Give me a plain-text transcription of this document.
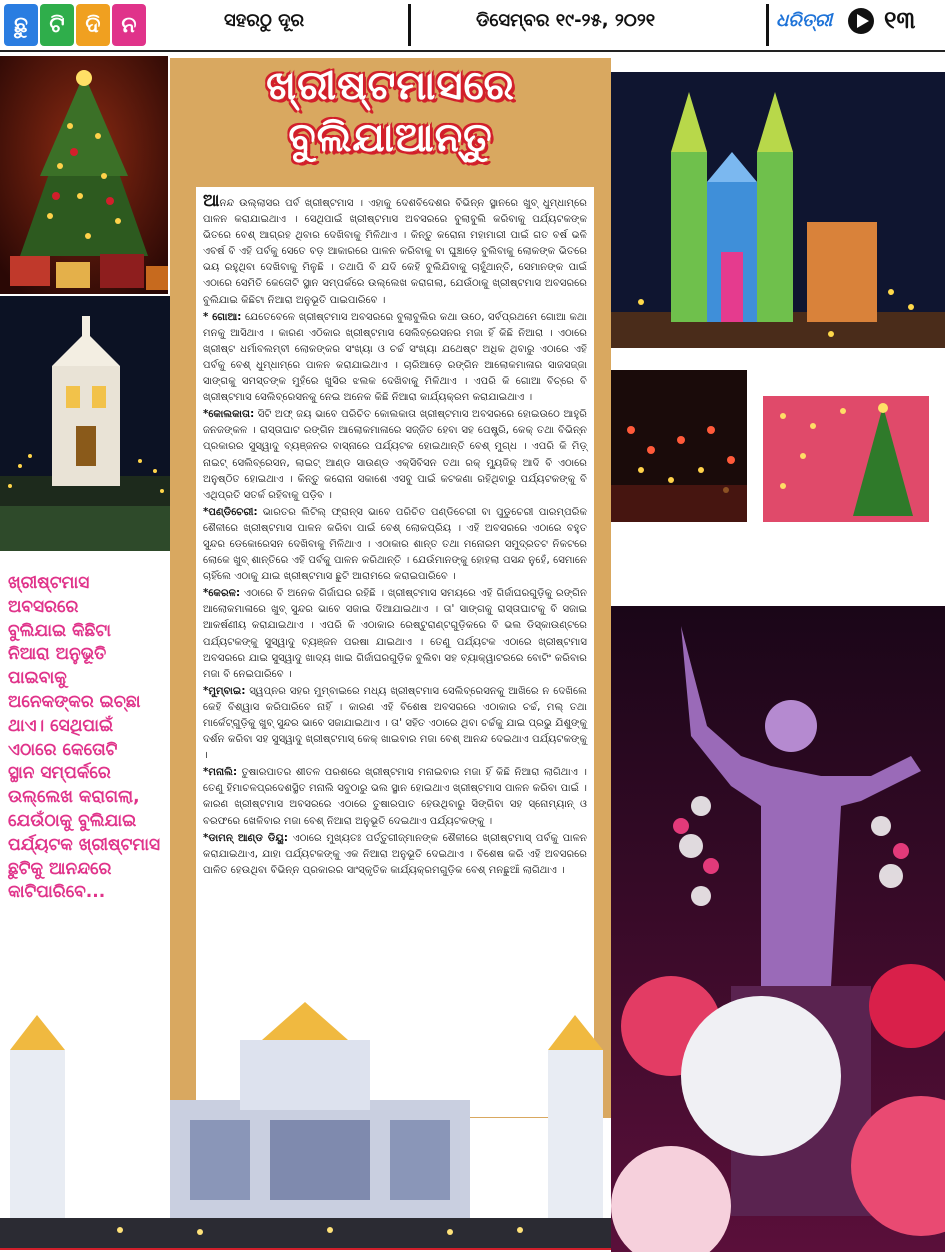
ଛୁ ଟି ଦି ନ	ସହରଠୁ ଦୂର	ଡିସେମ୍ବର ୧୯-୨୫, ୨୦୨୧	ଧରିତ୍ରୀ ୧୩
ଖ୍ରୀଷ୍ଟମାସ
ଅବସରରେ
ବୁଲିଯାଇ କିଛିଟା
ନିଆରା ଅନୁଭୂତି
ପାଇବାକୁ
ଅନେକଙ୍କର ଇଚ୍ଛା
ଥାଏ। ସେଥିପାଇଁ
ଏଠାରେ କେତୋଟି
ସ୍ଥାନ ସମ୍ପର୍କରେ
ଉଲ୍ଲେଖ କରାଗଲା,
ଯେଉଁଠାକୁ ବୁଲିଯାଇ
ପର୍ଯ୍ୟଟକ ଖ୍ରୀଷ୍ଟମାସ
ଛୁଟିକୁ ଆନନ୍ଦରେ
କାଟିପାରିବେ...
ଖ୍ରୀଷ୍ଟମାସରେ
ବୁଲିଯାଆନ୍ତୁ

ଆନନ୍ଦ ଉଲ୍ଲାସର ପର୍ବ ଖ୍ରୀଷ୍ଟମାସ । ଏହାକୁ ଦେଶବିଦେଶର ବିଭିନ୍ନ ସ୍ଥାନରେ ଖୁବ୍ ଧୁମ୍‌ଧାମ୍‌ରେ ପାଳନ କରାଯାଇଥାଏ । ସେଥିପାଇଁ ଖ୍ରୀଷ୍ଟମାସ ଅବସରରେ ବୁଲାବୁଲି କରିବାକୁ ପର୍ଯ୍ୟଟକଙ୍କ ଭିତରେ ବେଶ୍ ଆଗ୍ରହ ଥିବାର ଦେଖିବାକୁ ମିଳିଥାଏ । କିନ୍ତୁ କରୋନା ମହାମାରୀ ପାଇଁ ଗତ ବର୍ଷ ଭଳି ଏବର୍ଷ ବି ଏହି ପର୍ବକୁ ସେତେ ବଡ଼ ଆକାରରେ ପାଳନ କରିବାକୁ ବା ଘୁଞ୍ଚାଡ଼େ ବୁଲିବାକୁ ଲୋକଙ୍କ ଭିତରେ ଭୟ ରହୁଥିବା ଦେଖିବାକୁ ମିଳୁଛି । ତଥାପି ବି ଯଦି କେହି ବୁଲିଯିବାକୁ ଚାହୁଁଥାନ୍ତି, ସେମାନଙ୍କ ପାଇଁ ଏଠାରେ ସେମିତି କେତୋଟି ସ୍ଥାନ ସମ୍ପର୍କରେ ଉଲ୍ଲେଖ କରାଗଲା, ଯେଉଁଠାକୁ ଖ୍ରୀଷ୍ଟମାସ ଅବସରରେ ବୁଲିଯାଇ କିଛିଟା ନିଆରା ଅନୁଭୂତି ପାଇପାରିବେ ।

* ଗୋଆ: ଯେତେବେଳେ ଖ୍ରୀଷ୍ଟମାସ ଅବସରରେ ବୁଲାବୁଲିର କଥା ଉଠେ, ସର୍ବପ୍ରଥମେ ଗୋଆ କଥା ମନକୁ ଆସିଥାଏ । କାରଣ ଏଠିକାର ଖ୍ରୀଷ୍ଟମାସ ସେଲିବ୍ରେସନର ମଜା ହିଁ କିଛି ନିଆରା । ଏଠାରେ ଖ୍ରୀଷ୍ଟ ଧର୍ମାବଲମ୍ବୀ ଲୋକଙ୍କର ସଂଖ୍ୟା ଓ ଚର୍ଚ୍ଚ ସଂଖ୍ୟା ଯଥେଷ୍ଟ ଅଧିକ ଥିବାରୁ ଏଠାରେ ଏହି ପର୍ବକୁ ବେଶ୍ ଧୁମ୍‌ଧାମ୍‌ରେ ପାଳନ କରାଯାଇଥାଏ । ଚାରିଆଡ଼େ ରଙ୍ଗିନ ଆଲୋକମାଳାର ସାଜସଜ୍ଜା ସାଙ୍ଗକୁ ସମସ୍ତଙ୍କ ମୁହଁରେ ଖୁସିର ଝଲକ ଦେଖିବାକୁ ମିଳିଥାଏ । ଏପରି କି ଗୋଆ ବିଚ୍‌ରେ ବି ଖ୍ରୀଷ୍ଟମାସ ସେଲିବ୍ରେସନକୁ ନେଇ ଅନେକ କିଛି ନିଆରା କାର୍ଯ୍ୟକ୍ରମ କରାଯାଇଥାଏ ।

*କୋଲକାତା: ସିଟି ଅଫ୍ ଜୟ ଭାବେ ପରିଚିତ କୋଲକାତା ଖ୍ରୀଷ୍ଟମାସ ଅବସରରେ ହୋଇଉଠେ ଆହୁରି ଜନଜଙ୍କଳ । ରାସ୍ତାଘାଟ ରଙ୍ଗିନ ଆଲୋକମାଳାରେ ସଜ୍ଜିତ ହେବା ସହ ପେଷ୍ଟ୍ରି, କେକ୍ ତଥା ବିଭିନ୍ନ ପ୍ରକାରର ସୁସ୍ୱାଦୁ ବ୍ୟଞ୍ଜନର ବାସ୍ନାରେ ପର୍ଯ୍ୟଟକ ହୋଇଥାନ୍ତି ବେଶ୍ ମୁଗ୍ଧ । ଏପରି କି ମିଡ଼୍ ନାଇଟ୍ ସେଲିବ୍ରେସନ, ଲାଇଟ୍ ଆଣ୍ଡ ସାଉଣ୍ଡ ଏକ୍ସିବିସନ ତଥା ରକ୍ ମ୍ୟୁଜିକ୍ ଆଦି ବି ଏଠାରେ ଅନୁଷ୍ଠିତ ହୋଇଥାଏ । କିନ୍ତୁ କରୋନା ସକାଶେ ଏସବୁ ପାଇଁ କଟକଣା ରହିଥିବାରୁ ପର୍ଯ୍ୟଟକଙ୍କୁ ବି ଏଥିପ୍ରତି ସତର୍କ ରହିବାକୁ ପଡ଼ିବ ।

*ପଣ୍ଡିଚେରୀ: ଭାରତର ଲିଟିଲ୍ ଫ୍ରାନ୍ସ ଭାବେ ପରିଚିତ ପଣ୍ଡିଚେରୀ ବା ପୁଡୁଚେରୀ ପାରମ୍ପରିକ ଶୈଳୀରେ ଖ୍ରୀଷ୍ଟମାସ ପାଳନ କରିବା ପାଇଁ ବେଶ୍ ଲୋକପ୍ରିୟ । ଏହି ଅବସରରେ ଏଠାରେ ବହୁତ ସୁନ୍ଦର ଡେକୋରେସନ ଦେଖିବାକୁ ମିଳିଥାଏ । ଏଠାକାର ଶାନ୍ତ ତଥା ମନୋରମ ସମୁଦ୍ରତଟ ନିକଟରେ ଲୋକେ ଖୁବ୍ ଶାନ୍ତିରେ ଏହି ପର୍ବକୁ ପାଳନ କରିଥାନ୍ତି । ଯେଉଁମାନଙ୍କୁ ହୋହଲା ପସନ୍ଦ ନୁହେଁ, ସେମାନେ ଚାହିଁଲେ ଏଠାକୁ ଯାଇ ଖ୍ରୀଷ୍ଟମାସ ଛୁଟି ଆରାମରେ କରାଇପାରିବେ ।

*କେରଳ: ଏଠାରେ ବି ଅନେକ ଗିର୍ଜାଘର ରହିଛି । ଖ୍ରୀଷ୍ଟମାସ ସମୟରେ ଏହି ଗିର୍ଜାଘରଗୁଡ଼ିକୁ ରଙ୍ଗିନ ଆଲୋକମାଳାରେ ଖୁବ୍ ସୁନ୍ଦର ଭାବେ ସଜାଇ ଦିଆଯାଇଥାଏ । ତା' ସାଙ୍ଗକୁ ରାସ୍ତାଘାଟକୁ ବି ସଜାଇ ଆକର୍ଷଣୀୟ କରାଯାଇଥାଏ । ଏପରି କି ଏଠାକାର ରେଷ୍ଟୁରାଣ୍ଟଗୁଡ଼ିକରେ ବି ଭଲ ଡିସ୍‌କାଉଣ୍ଟରେ ପର୍ଯ୍ୟଟକଙ୍କୁ ସୁସ୍ୱାଦୁ ବ୍ୟଞ୍ଜନ ପରଷା ଯାଇଥାଏ । ତେଣୁ ପର୍ଯ୍ୟଟକ ଏଠାରେ ଖ୍ରୀଷ୍ଟମାସ ଅବସରରେ ଯାଇ ସୁସ୍ୱାଦୁ ଖାଦ୍ୟ ଖାଇ ଗିର୍ଜାଘରଗୁଡ଼ିକ ବୁଲିବା ସହ ବ୍ୟାକ୍‌ୱାଟରରେ ବୋଟିଂ କରିବାର ମଜା ବି ନେଇପାରିବେ ।

*ମୁମ୍ବାଇ: ସ୍ୱପ୍ନର ସହର ମୁମ୍ବାଇରେ ମଧ୍ୟ ଖ୍ରୀଷ୍ଟମାସ ସେଲିବ୍ରେସନକୁ ଆଖିରେ ନ ଦେଖିଲେ କେହି ବିଶ୍ୱାସ କରିପାରିବେ ନାହିଁ । କାରଣ ଏହି ବିଶେଷ ଅବସରରେ ଏଠାକାର ଚର୍ଚ୍ଚ, ମଲ୍ ତଥା ମାର୍କେଟ୍‌ଗୁଡ଼ିକୁ ଖୁବ୍ ସୁନ୍ଦର ଭାବେ ସଜାଯାଇଥାଏ । ତା' ସହିତ ଏଠାରେ ଥିବା ଚର୍ଚ୍ଚକୁ ଯାଇ ପ୍ରଭୁ ଯିଶୁଙ୍କୁ ଦର୍ଶନ କରିବା ସହ ସୁସ୍ୱାଦୁ ଖ୍ରୀଷ୍ଟମାସ୍ କେକ୍ ଖାଇବାର ମଜା ବେଶ୍ ଆନନ୍ଦ ଦେଇଥାଏ ପର୍ଯ୍ୟଟକଙ୍କୁ ।

*ମନାଲି: ତୁଷାରପାତର ଶୀତଳ ପରଶରେ ଖ୍ରୀଷ୍ଟମାସ ମନାଇବାର ମଜା ହିଁ କିଛି ନିଆରା ଲାଗିଥାଏ । ତେଣୁ ହିମାଚଳପ୍ରଦେଶସ୍ଥିତ ମନାଲି ସବୁଠାରୁ ଭଲ ସ୍ଥାନ ହୋଇଥାଏ ଖ୍ରୀଷ୍ଟମାସ ପାଳନ କରିବା ପାଇଁ । କାରଣ ଖ୍ରୀଷ୍ଟମାସ ଅବସରରେ ଏଠାରେ ତୁଷାରପାତ ହେଉଥିବାରୁ ସିଙ୍ଗିବା ସହ ସ୍ନୋମ୍ୟାନ୍ ଓ ବରଫରେ ଖେଳିବାର ମଜା ବେଶ୍ ନିଆରା ଅନୁଭୂତି ଦେଇଥାଏ ପର୍ଯ୍ୟଟକଙ୍କୁ ।

*ଡାମନ୍ ଆଣ୍ଡ ଡିୟୁ: ଏଠାରେ ମୁଖ୍ୟତଃ ପର୍ତ୍ତୁଗୀଜ୍‌ମାନଙ୍କ ଶୈଳୀରେ ଖ୍ରୀଷ୍ଟମାସ୍ ପର୍ବକୁ ପାଳନ କରାଯାଇଥାଏ, ଯାହା ପର୍ଯ୍ୟଟକଙ୍କୁ ଏକ ନିଆରା ଅନୁଭୂତି ଦେଇଥାଏ । ବିଶେଷ କରି ଏହି ଅବସରରେ ପାଳିତ ହେଉଥିବା ବିଭିନ୍ନ ପ୍ରକାରର ସାଂସ୍କୃତିକ କାର୍ଯ୍ୟକ୍ରମଗୁଡ଼ିକ ବେଶ୍ ମନଛୁଆଁ ଲାଗିଥାଏ ।
